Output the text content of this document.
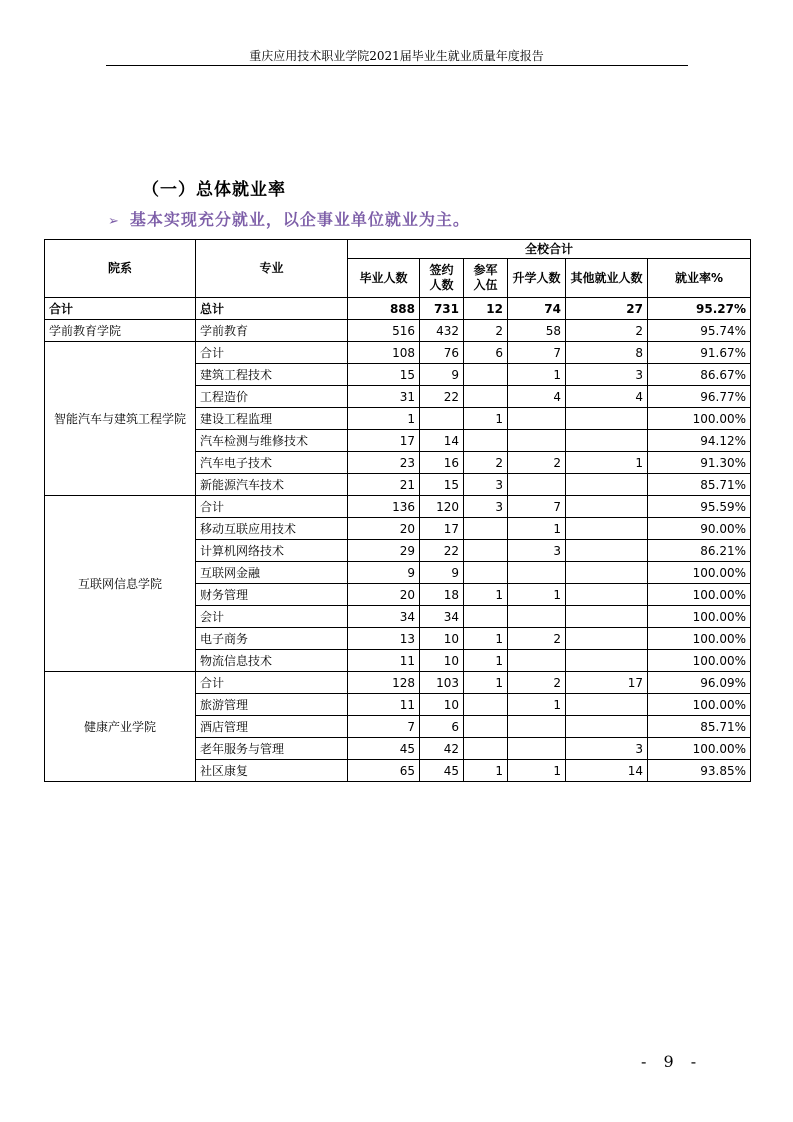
重庆应用技术职业学院2021届毕业生就业质量年度报告
（一）总体就业率
➢ 基本实现充分就业，以企事业单位就业为主。
院系	专业	全校合计					
		毕业人数	签约人数	参军入伍	升学人数	其他就业人数	就业率%
合计	总计	888	731	12	74	27	95.27%
学前教育学院	学前教育	516	432	2	58	2	95.74%
智能汽车与建筑工程学院	合计	108	76	6	7	8	91.67%
	建筑工程技术	15	9		1	3	86.67%
	工程造价	31	22		4	4	96.77%
	建设工程监理	1		1			100.00%
	汽车检测与维修技术	17	14				94.12%
	汽车电子技术	23	16	2	2	1	91.30%
	新能源汽车技术	21	15	3			85.71%
互联网信息学院	合计	136	120	3	7		95.59%
	移动互联应用技术	20	17		1		90.00%
	计算机网络技术	29	22		3		86.21%
	互联网金融	9	9				100.00%
	财务管理	20	18	1	1		100.00%
	会计	34	34				100.00%
	电子商务	13	10	1	2		100.00%
	物流信息技术	11	10	1			100.00%
健康产业学院	合计	128	103	1	2	17	96.09%
	旅游管理	11	10		1		100.00%
	酒店管理	7	6				85.71%
	老年服务与管理	45	42			3	100.00%
	社区康复	65	45	1	1	14	93.85%
- 9 -
